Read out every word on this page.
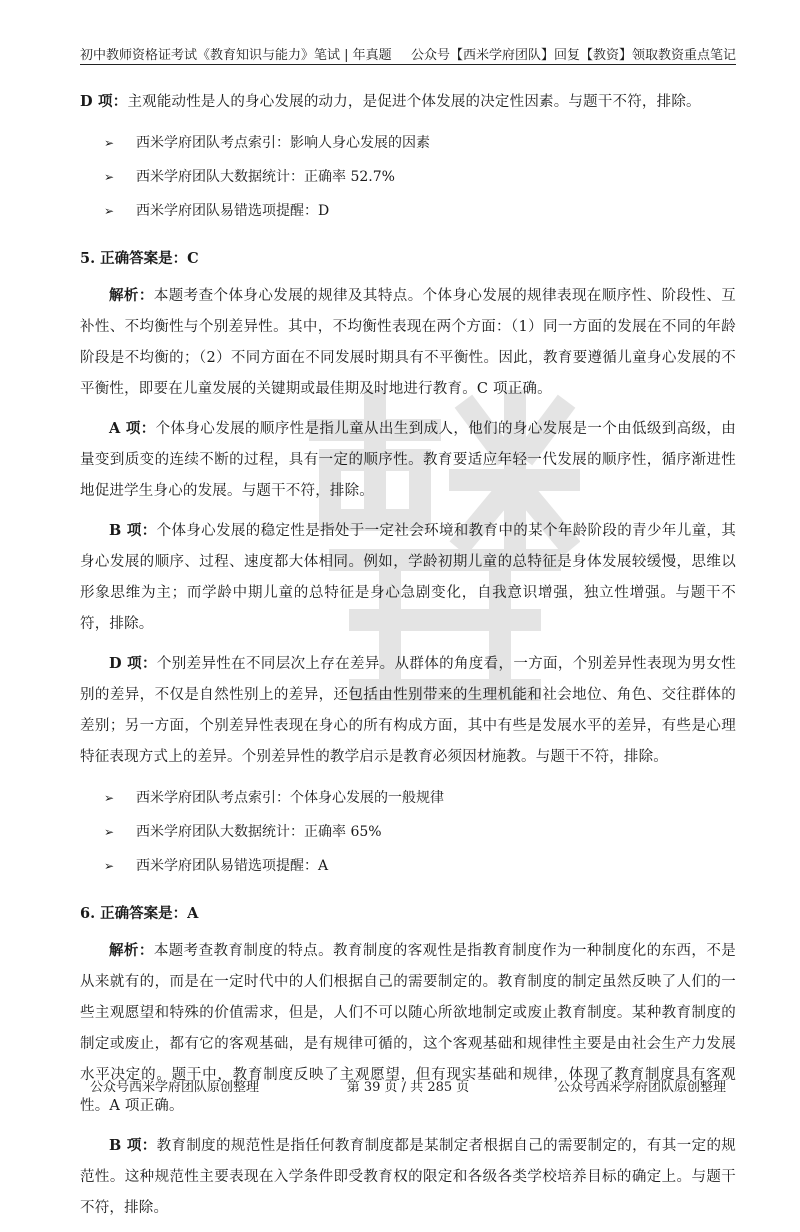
初中教师资格证考试《教育知识与能力》笔试 | 年真题 公众号【西米学府团队】回复【教资】领取教资重点笔记

D 项：主观能动性是人的身心发展的动力，是促进个体发展的决定性因素。与题干不符，排除。

➢ 西米学府团队考点索引：影响人身心发展的因素
➢ 西米学府团队大数据统计：正确率 52.7%
➢ 西米学府团队易错选项提醒：D
5. 正确答案是：C

解析：本题考查个体身心发展的规律及其特点。个体身心发展的规律表现在顺序性、阶段性、互补性、不均衡性与个别差异性。其中，不均衡性表现在两个方面：（1）同一方面的发展在不同的年龄阶段是不均衡的；（2）不同方面在不同发展时期具有不平衡性。因此，教育要遵循儿童身心发展的不平衡性，即要在儿童发展的关键期或最佳期及时地进行教育。C 项正确。

A 项：个体身心发展的顺序性是指儿童从出生到成人，他们的身心发展是一个由低级到高级，由量变到质变的连续不断的过程，具有一定的顺序性。教育要适应年轻一代发展的顺序性，循序渐进性地促进学生身心的发展。与题干不符，排除。

B 项：个体身心发展的稳定性是指处于一定社会环境和教育中的某个年龄阶段的青少年儿童，其身心发展的顺序、过程、速度都大体相同。例如，学龄初期儿童的总特征是身体发展较缓慢，思维以形象思维为主；而学龄中期儿童的总特征是身心急剧变化，自我意识增强，独立性增强。与题干不符，排除。

D 项：个别差异性在不同层次上存在差异。从群体的角度看，一方面，个别差异性表现为男女性别的差异，不仅是自然性别上的差异，还包括由性别带来的生理机能和社会地位、角色、交往群体的差别；另一方面，个别差异性表现在身心的所有构成方面，其中有些是发展水平的差异，有些是心理特征表现方式上的差异。个别差异性的教学启示是教育必须因材施教。与题干不符，排除。

➢ 西米学府团队考点索引：个体身心发展的一般规律
➢ 西米学府团队大数据统计：正确率 65%
➢ 西米学府团队易错选项提醒：A
6. 正确答案是：A

解析：本题考查教育制度的特点。教育制度的客观性是指教育制度作为一种制度化的东西，不是从来就有的，而是在一定时代中的人们根据自己的需要制定的。教育制度的制定虽然反映了人们的一些主观愿望和特殊的价值需求，但是，人们不可以随心所欲地制定或废止教育制度。某种教育制度的制定或废止，都有它的客观基础，是有规律可循的，这个客观基础和规律性主要是由社会生产力发展水平决定的。题干中，教育制度反映了主观愿望，但有现实基础和规律，体现了教育制度具有客观性。A 项正确。

B 项：教育制度的规范性是指任何教育制度都是某制定者根据自己的需要制定的，有其一定的规范性。这种规范性主要表现在入学条件即受教育权的限定和各级各类学校培养目标的确定上。与题干不符，排除。

公众号西米学府团队原创整理	第 39 页 / 共 285 页	公众号西米学府团队原创整理
